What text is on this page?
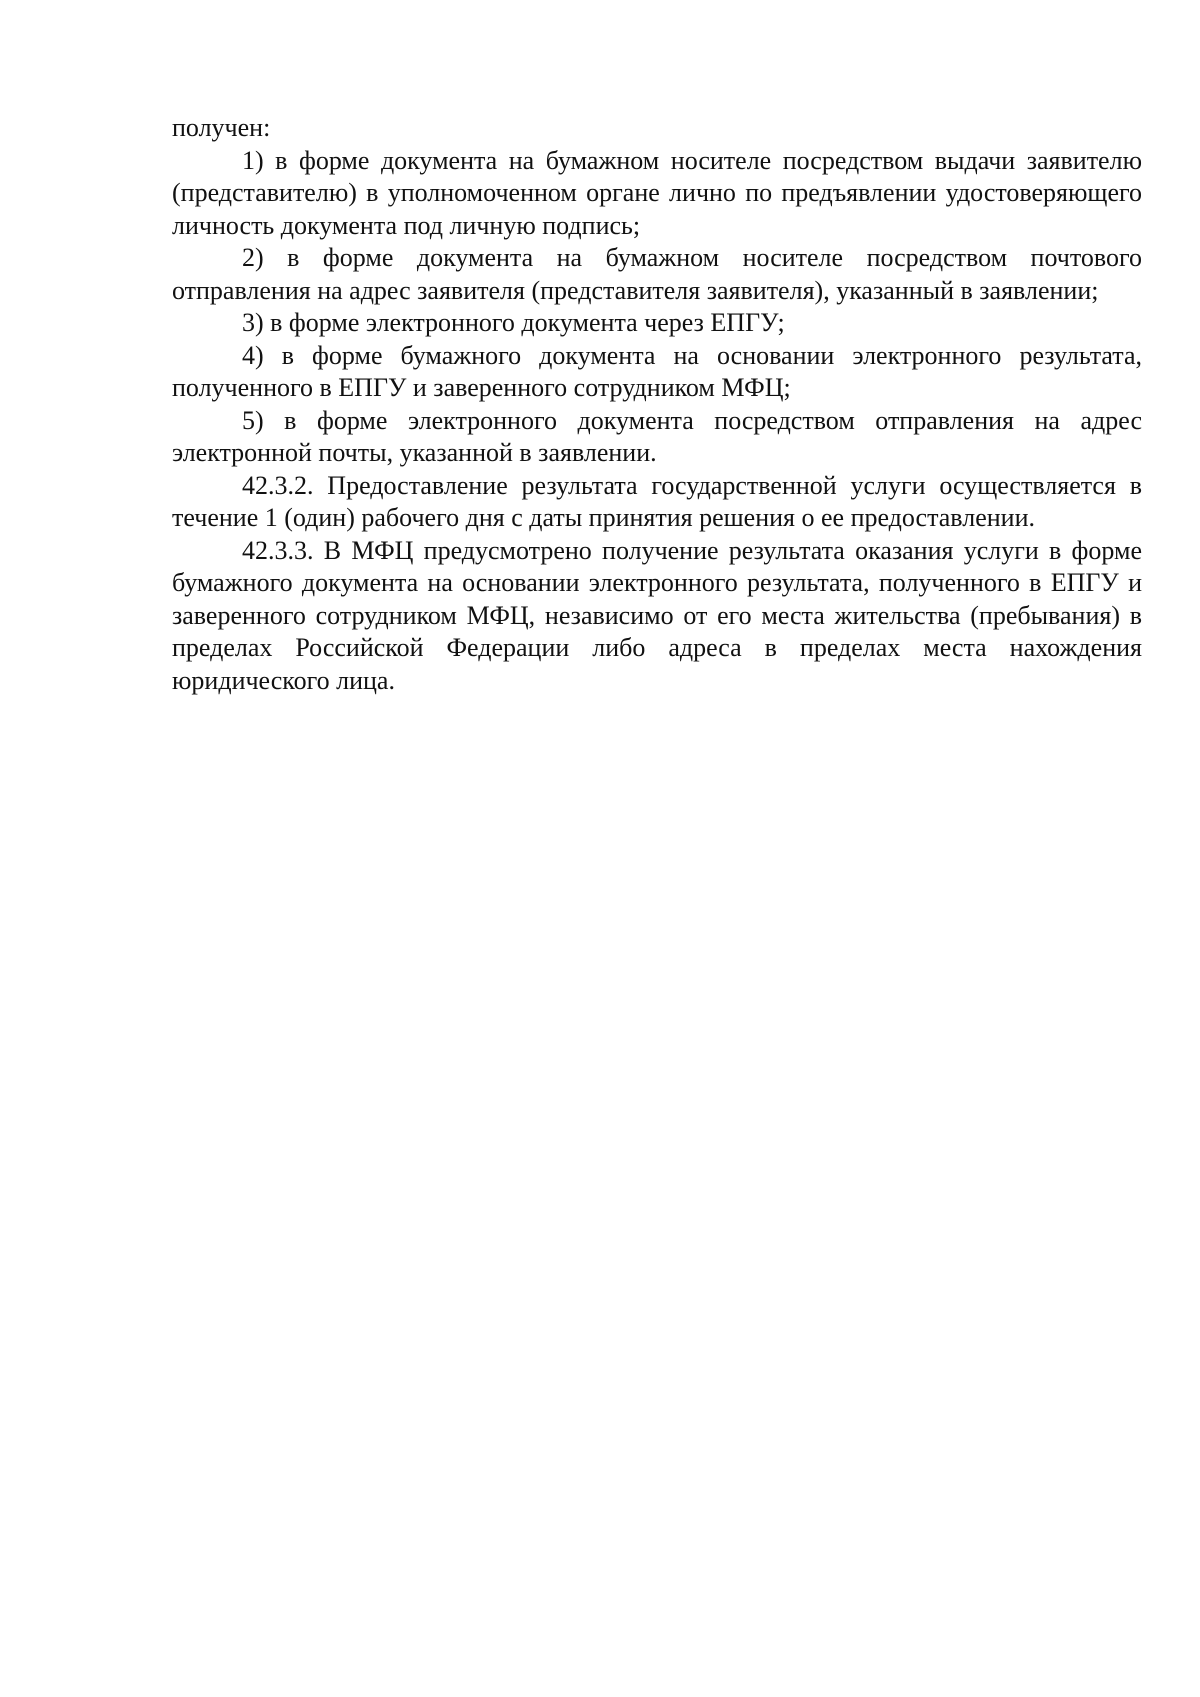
получен:

1) в форме документа на бумажном носителе посредством выдачи заявителю (представителю) в уполномоченном органе лично по предъявлении удостоверяющего личность документа под личную подпись;

2) в форме документа на бумажном носителе посредством почтового отправления на адрес заявителя (представителя заявителя), указанный в заявлении;

3) в форме электронного документа через ЕПГУ;

4) в форме бумажного документа на основании электронного результата, полученного в ЕПГУ и заверенного сотрудником МФЦ;

5) в форме электронного документа посредством отправления на адрес электронной почты, указанной в заявлении.

42.3.2. Предоставление результата государственной услуги осуществляется в течение 1 (один) рабочего дня с даты принятия решения о ее предоставлении.

42.3.3. В МФЦ предусмотрено получение результата оказания услуги в форме бумажного документа на основании электронного результата, полученного в ЕПГУ и заверенного сотрудником МФЦ, независимо от его места жительства (пребывания) в пределах Российской Федерации либо адреса в пределах места нахождения юридического лица.
